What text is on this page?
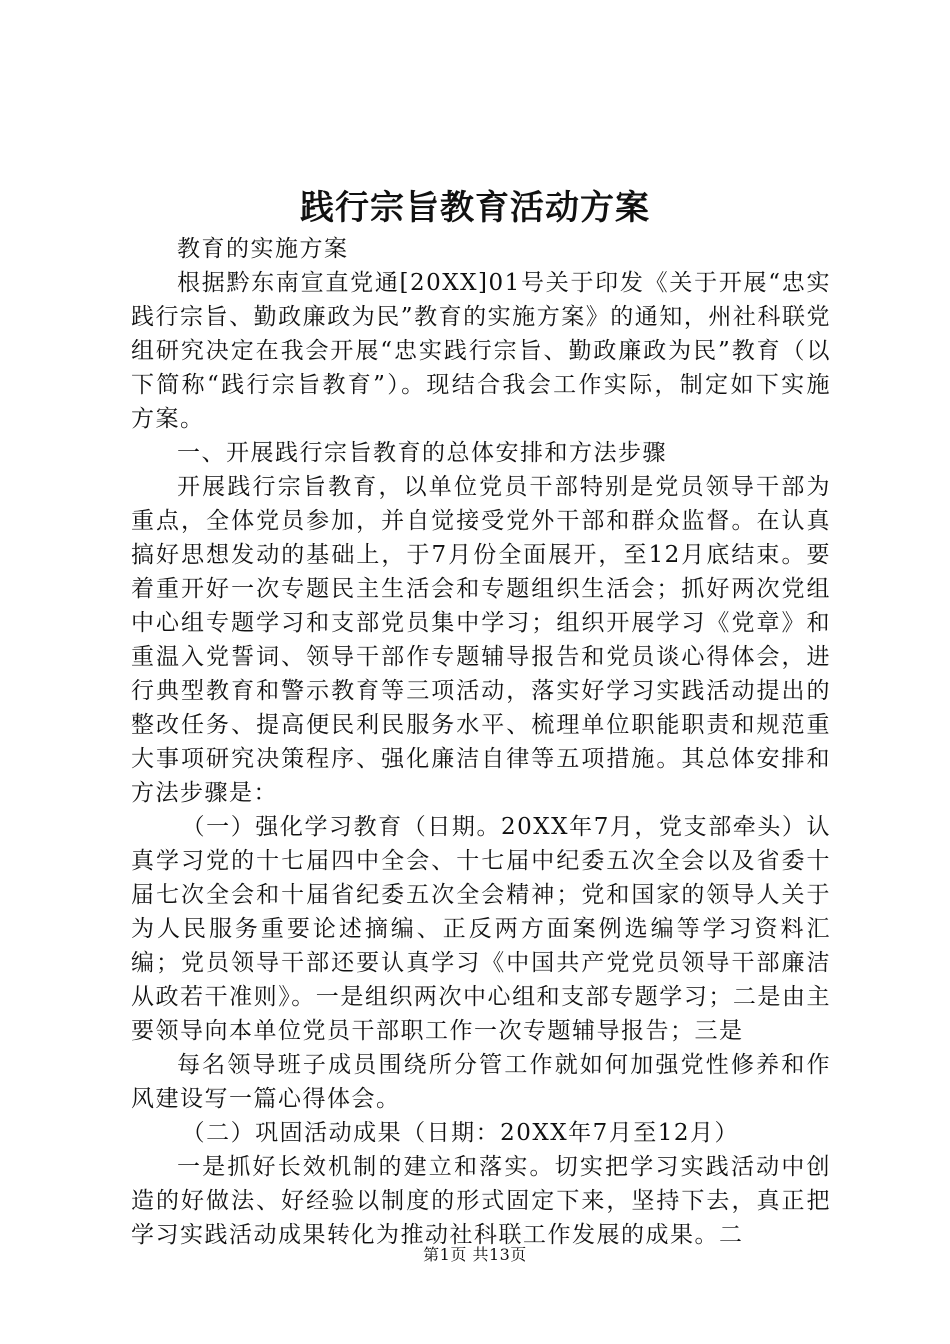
践行宗旨教育活动方案

教育的实施方案

根据黔东南宣直党通[20XX]01号关于印发《关于开展“忠实践行宗旨、勤政廉政为民”教育的实施方案》的通知，州社科联党组研究决定在我会开展“忠实践行宗旨、勤政廉政为民”教育（以下简称“践行宗旨教育”）。现结合我会工作实际，制定如下实施方案。

一、开展践行宗旨教育的总体安排和方法步骤

开展践行宗旨教育，以单位党员干部特别是党员领导干部为重点，全体党员参加，并自觉接受党外干部和群众监督。在认真搞好思想发动的基础上，于7月份全面展开，至12月底结束。要着重开好一次专题民主生活会和专题组织生活会；抓好两次党组中心组专题学习和支部党员集中学习；组织开展学习《党章》和重温入党誓词、领导干部作专题辅导报告和党员谈心得体会，进行典型教育和警示教育等三项活动，落实好学习实践活动提出的整改任务、提高便民利民服务水平、梳理单位职能职责和规范重大事项研究决策程序、强化廉洁自律等五项措施。其总体安排和方法步骤是：

（一）强化学习教育（日期。20XX年7月，党支部牵头）认真学习党的十七届四中全会、十七届中纪委五次全会以及省委十届七次全会和十届省纪委五次全会精神；党和国家的领导人关于为人民服务重要论述摘编、正反两方面案例选编等学习资料汇编；党员领导干部还要认真学习《中国共产党党员领导干部廉洁从政若干准则》。一是组织两次中心组和支部专题学习；二是由主要领导向本单位党员干部职工作一次专题辅导报告；三是

每名领导班子成员围绕所分管工作就如何加强党性修养和作风建设写一篇心得体会。

（二）巩固活动成果（日期：20XX年7月至12月）

一是抓好长效机制的建立和落实。切实把学习实践活动中创造的好做法、好经验以制度的形式固定下来，坚持下去，真正把学习实践活动成果转化为推动社科联工作发展的成果。二

第1页 共13页
